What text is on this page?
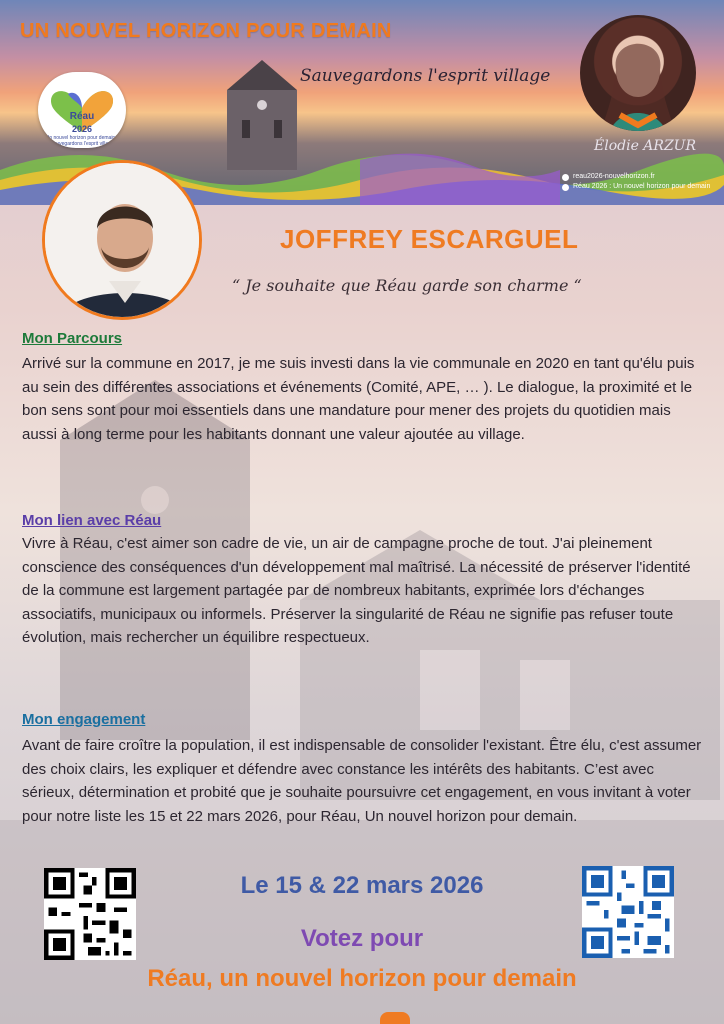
UN NOUVEL HORIZON POUR DEMAIN
Sauvegardons l'esprit village
Réau
2026
Un nouvel horizon pour demain · Sauvegardons l'esprit village	Élodie ARZUR
reau2026-nouvelhorizon.fr
Réau 2026 : Un nouvel horizon pour demain
JOFFREY ESCARGUEL
“ Je souhaite que Réau garde son charme “
Mon Parcours
Arrivé sur la commune en 2017, je me suis investi dans la vie communale en 2020 en tant qu'élu puis au sein des différentes associations et événements (Comité, APE, … ). Le dialogue, la proximité et le bon sens sont pour moi essentiels dans une mandature pour mener des projets du quotidien mais aussi à long terme pour les habitants donnant une valeur ajoutée au village.
Mon lien avec Réau
Vivre à Réau, c'est aimer son cadre de vie, un air de campagne proche de tout. J'ai pleinement conscience des conséquences d'un développement mal maîtrisé. La nécessité de préserver l'identité de la commune est largement partagée par de nombreux habitants, exprimée lors d'échanges associatifs, municipaux ou informels. Préserver la singularité de Réau ne signifie pas refuser toute évolution, mais rechercher un équilibre respectueux.
Mon engagement
Avant de faire croître la population, il est indispensable de consolider l'existant. Être élu, c'est assumer des choix clairs, les expliquer et défendre avec constance les intérêts des habitants. C’est avec sérieux, détermination et probité que je souhaite poursuivre cet engagement, en vous invitant à voter pour notre liste les 15 et 22 mars 2026, pour Réau, Un nouvel horizon pour demain.
Le 15 & 22 mars 2026
Votez pour
Réau, un nouvel horizon pour demain
